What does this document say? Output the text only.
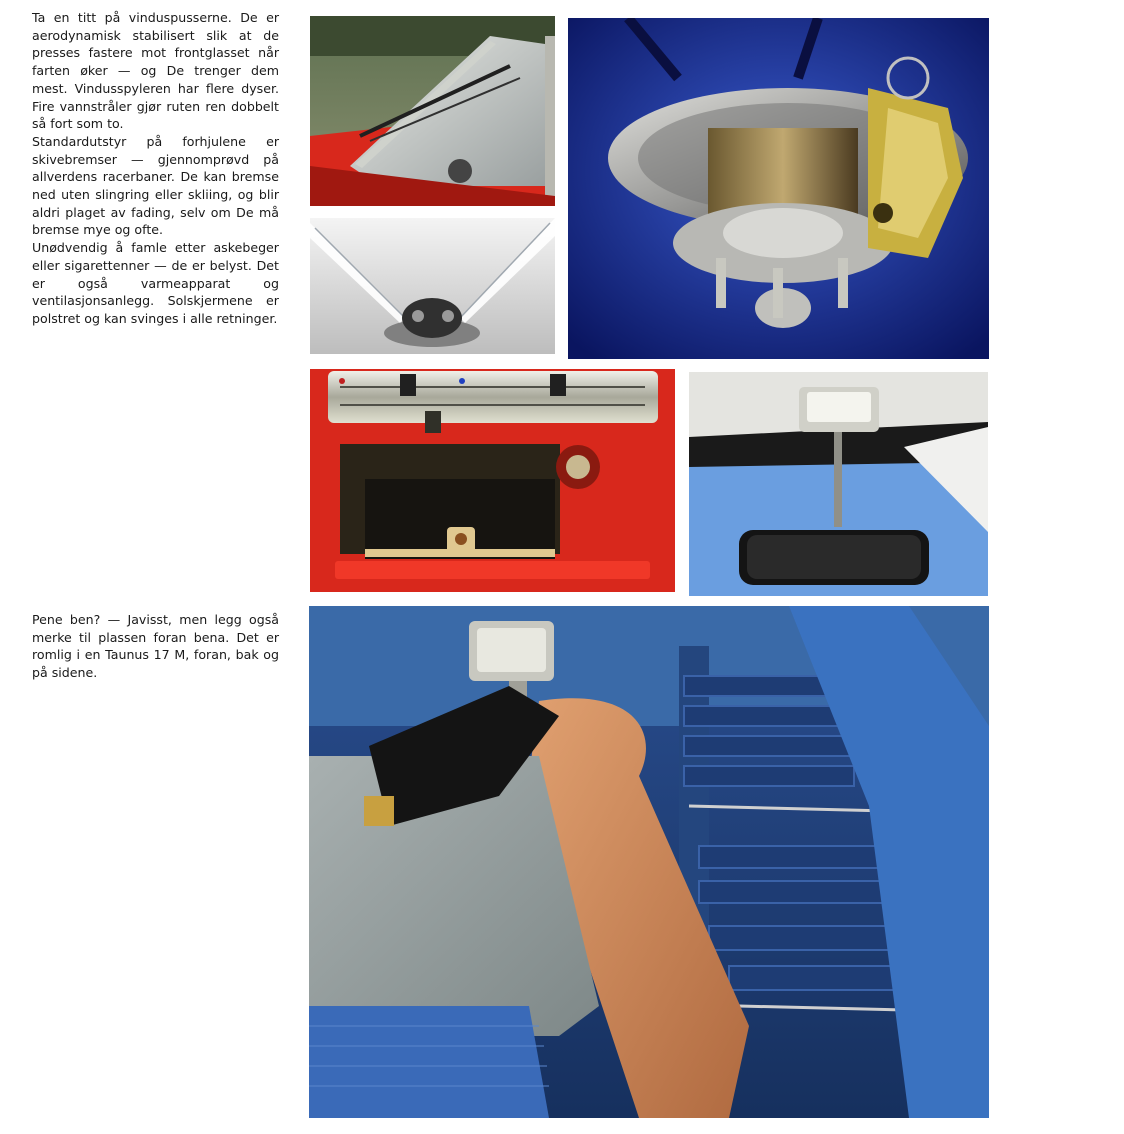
Ta en titt på vinduspusserne. De er aerodynamisk stabilisert slik at de presses fastere mot frontglasset når farten øker — og De trenger dem mest. Vindusspyleren har flere dyser. Fire vannstråler gjør ruten ren dobbelt så fort som to.

Standardutstyr på forhjulene er skivebremser — gjennomprøvd på allverdens racerbaner. De kan bremse ned uten slingring eller skliing, og blir aldri plaget av fading, selv om De må bremse mye og ofte.

Unødvendig å famle etter askebeger eller sigarettenner — de er belyst. Det er også varmeapparat og ventilasjonsanlegg. Solskjermene er polstret og kan svinges i alle retninger.

Pene ben? — Javisst, men legg også merke til plassen foran bena. Det er romlig i en Taunus 17 M, foran, bak og på sidene.
